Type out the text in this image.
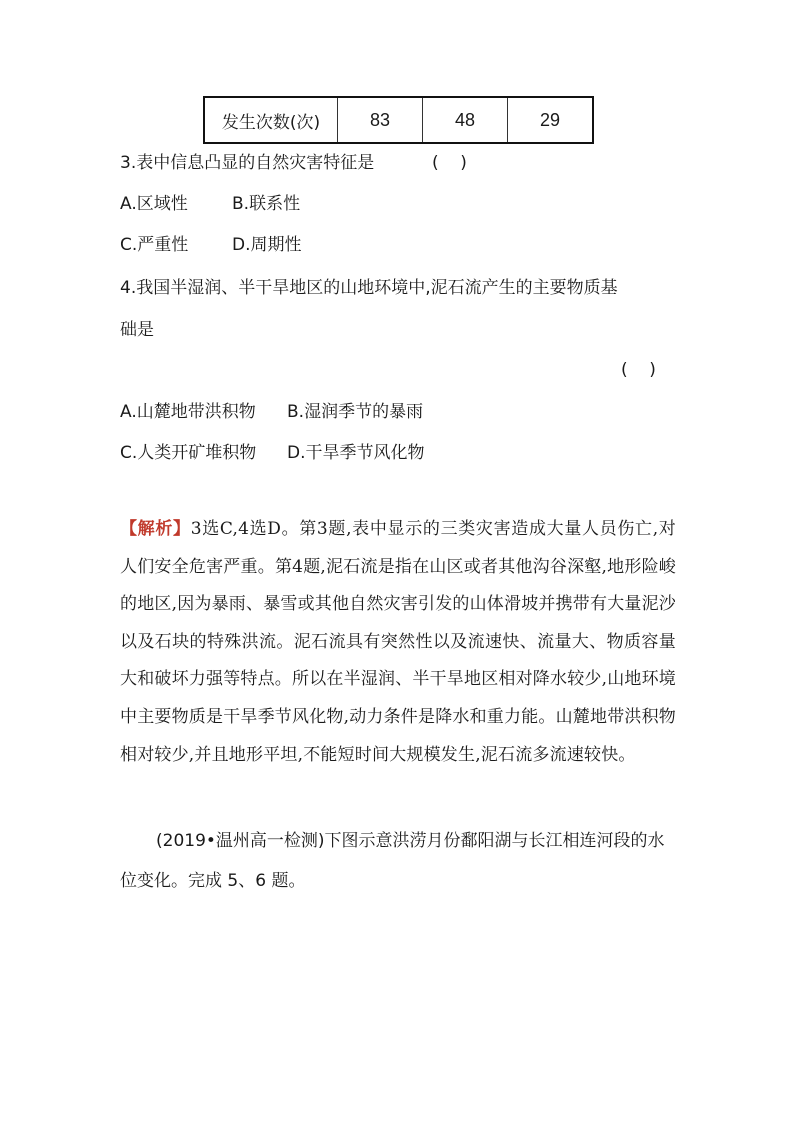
发生次数(次)	83	48	29
3.表中信息凸显的自然灾害特征是	(    )
A.区域性	B.联系性
C.严重性	D.周期性
4.我国半湿润、半干旱地区的山地环境中,泥石流产生的主要物质基
础是
(    )
A.山麓地带洪积物 B.湿润季节的暴雨
C.人类开矿堆积物 D.干旱季节风化物
【解析】3选C,4选D。第3题,表中显示的三类灾害造成大量人员伤亡,对人们安全危害严重。第4题,泥石流是指在山区或者其他沟谷深壑,地形险峻的地区,因为暴雨、暴雪或其他自然灾害引发的山体滑坡并携带有大量泥沙以及石块的特殊洪流。泥石流具有突然性以及流速快、流量大、物质容量大和破坏力强等特点。所以在半湿润、半干旱地区相对降水较少,山地环境中主要物质是干旱季节风化物,动力条件是降水和重力能。山麓地带洪积物相对较少,并且地形平坦,不能短时间大规模发生,泥石流多流速较快。
(2019•温州高一检测)下图示意洪涝月份鄱阳湖与长江相连河段的水位变化。完成 5、6 题。
